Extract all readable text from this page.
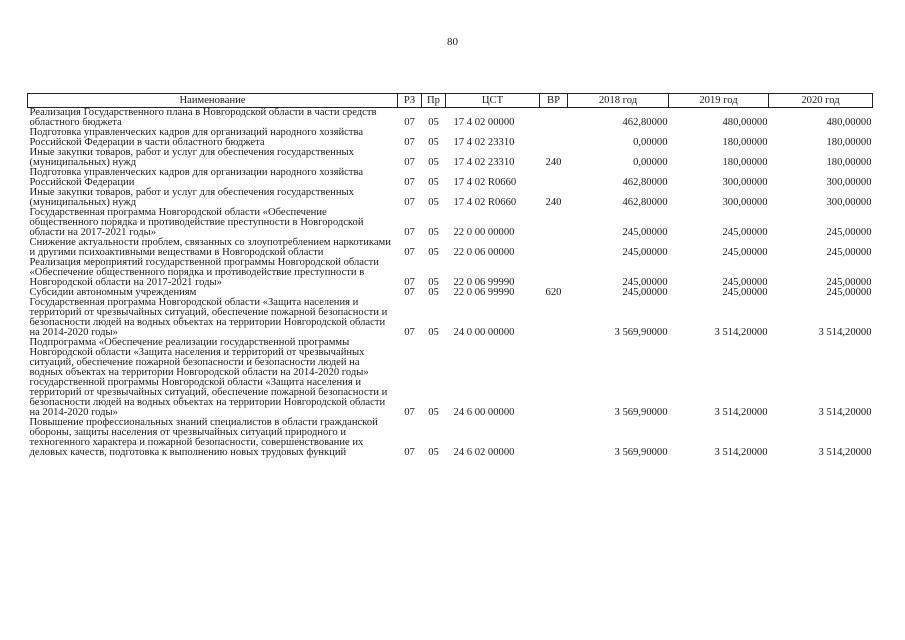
80
Наименование	РЗ	Пр	ЦСТ	ВР	2018 год	2019 год	2020 год
Реализация Государственного плана в Новгородской области в части средств областного бюджета	07	05	17 4 02 00000		462,80000	480,00000	480,00000
Подготовка управленческих кадров для организаций народного хозяйства Российской Федерации в части областного бюджета	07	05	17 4 02 23310		0,00000	180,00000	180,00000
Иные закупки товаров, работ и услуг для обеспечения государственных (муниципальных) нужд	07	05	17 4 02 23310	240	0,00000	180,00000	180,00000
Подготовка управленческих кадров для организации народного хозяйства Российской Федерации	07	05	17 4 02 R0660		462,80000	300,00000	300,00000
Иные закупки товаров, работ и услуг для обеспечения государственных (муниципальных) нужд	07	05	17 4 02 R0660	240	462,80000	300,00000	300,00000
Государственная программа Новгородской области «Обеспечение общественного порядка и противодействие преступности в Новгородской области на 2017-2021 годы»	07	05	22 0 00 00000		245,00000	245,00000	245,00000
Снижение актуальности проблем, связанных со злоупотреблением наркотиками и другими психоактивными веществами в Новгородской области	07	05	22 0 06 00000		245,00000	245,00000	245,00000
Реализация мероприятий государственной программы Новгородской области «Обеспечение общественного порядка и противодействие преступности в Новгородской области на 2017-2021 годы»	07	05	22 0 06 99990		245,00000	245,00000	245,00000
Субсидии автономным учреждениям	07	05	22 0 06 99990	620	245,00000	245,00000	245,00000
Государственная программа Новгородской области «Защита населения и территорий от чрезвычайных ситуаций, обеспечение пожарной безопасности и безопасности людей на водных объектах на территории Новгородской области на 2014-2020 годы»	07	05	24 0 00 00000		3 569,90000	3 514,20000	3 514,20000
Подпрограмма «Обеспечение реализации государственной программы Новгородской области «Защита населения и территорий от чрезвычайных ситуаций, обеспечение пожарной безопасности и безопасности людей на водных объектах на территории Новгородской области на 2014-2020 годы» государственной программы Новгородской области «Защита населения и территорий от чрезвычайных ситуаций, обеспечение пожарной безопасности и безопасности людей на водных объектах на территории Новгородской области на 2014-2020 годы»	07	05	24 6 00 00000		3 569,90000	3 514,20000	3 514,20000
Повышение профессиональных знаний специалистов в области гражданской обороны, защиты населения от чрезвычайных ситуаций природного и техногенного характера и пожарной безопасности, совершенствование их деловых качеств, подготовка к выполнению новых трудовых функций	07	05	24 6 02 00000		3 569,90000	3 514,20000	3 514,20000
